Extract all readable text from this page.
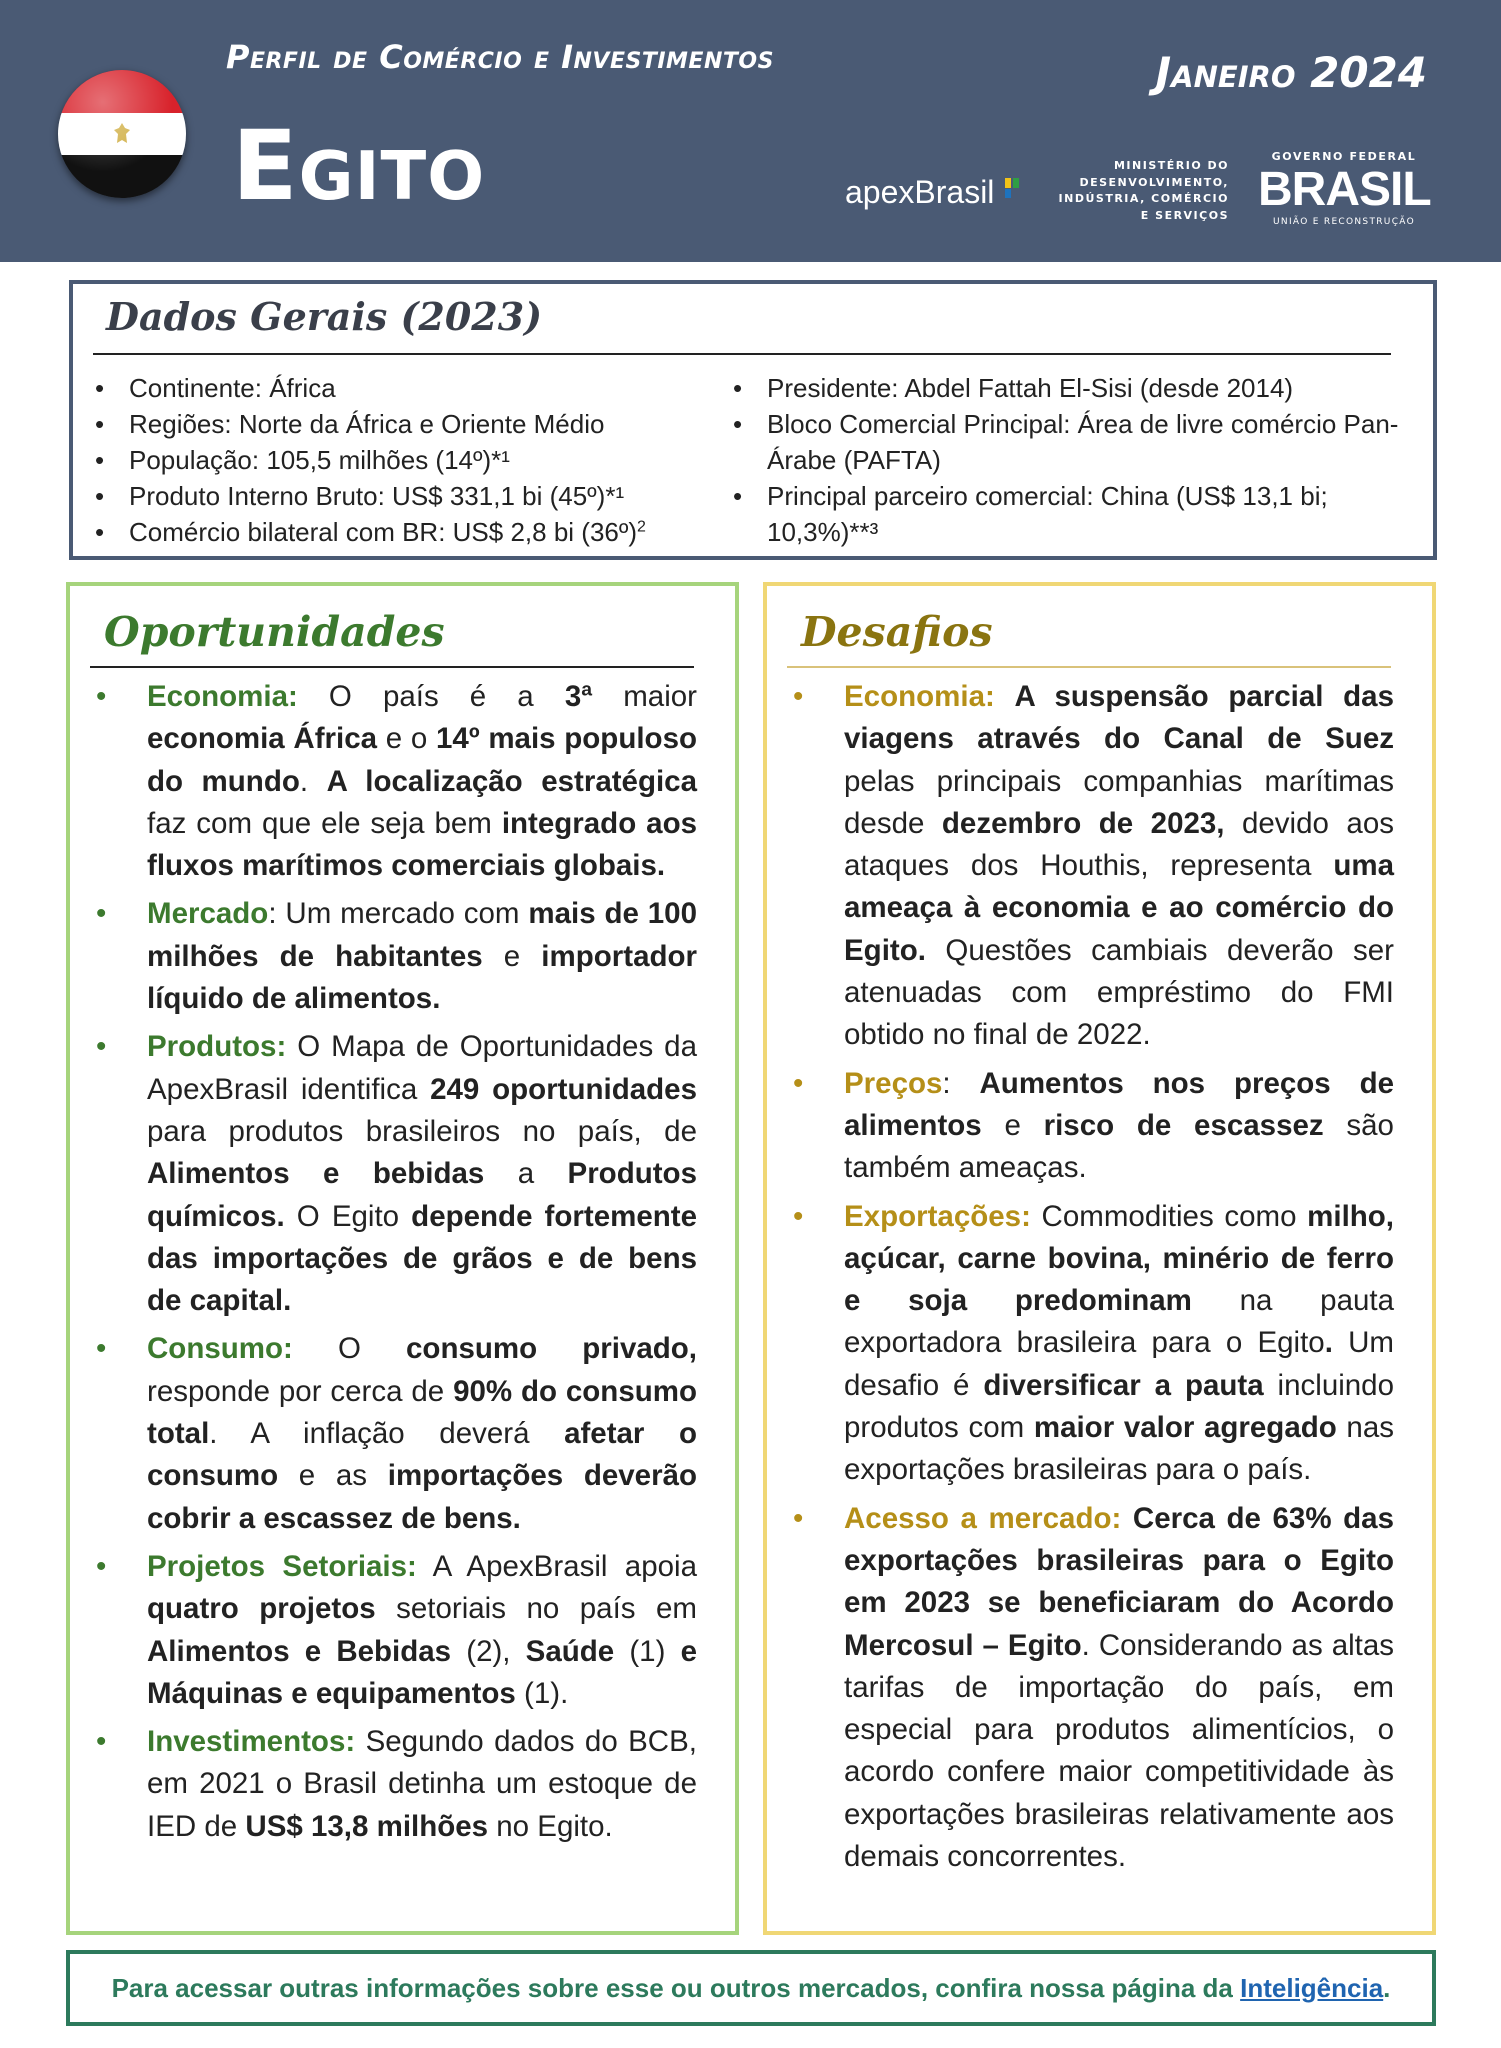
Perfil de Comércio e Investimentos	Janeiro 2024
Egito	apexBrasil
MINISTÉRIO DO
DESENVOLVIMENTO,
INDÚSTRIA, COMÉRCIO
E SERVIÇOS
GOVERNO FEDERAL
BRASIL
UNIÃO E RECONSTRUÇÃO
Dados Gerais (2023)
• Continente: África
• Regiões: Norte da África e Oriente Médio
• População: 105,5 milhões (14º)*¹
• Produto Interno Bruto: US$ 331,1 bi (45º)*¹
• Comércio bilateral com BR: US$ 2,8 bi (36º)$^2$
• Presidente: Abdel Fattah El-Sisi (desde 2014)
• Bloco Comercial Principal: Área de livre comércio Pan-Árabe (PAFTA)
• Principal parceiro comercial: China (US$ 13,1 bi; 10,3%)**³
Oportunidades
• Economia: O país é a 3ª maior economia África e o 14º mais populoso do mundo. A localização estratégica faz com que ele seja bem integrado aos fluxos marítimos comerciais globais.
• Mercado: Um mercado com mais de 100 milhões de habitantes e importador líquido de alimentos.
• Produtos: O Mapa de Oportunidades da ApexBrasil identifica 249 oportunidades para produtos brasileiros no país, de Alimentos e bebidas a Produtos químicos. O Egito depende fortemente das importações de grãos e de bens de capital.
• Consumo: O consumo privado, responde por cerca de 90% do consumo total. A inflação deverá afetar o consumo e as importações deverão cobrir a escassez de bens.
• Projetos Setoriais: A ApexBrasil apoia quatro projetos setoriais no país em Alimentos e Bebidas (2), Saúde (1) e Máquinas e equipamentos (1).
• Investimentos: Segundo dados do BCB, em 2021 o Brasil detinha um estoque de IED de US$ 13,8 milhões no Egito.
Desafios
• Economia: A suspensão parcial das viagens através do Canal de Suez pelas principais companhias marítimas desde dezembro de 2023, devido aos ataques dos Houthis, representa uma ameaça à economia e ao comércio do Egito. Questões cambiais deverão ser atenuadas com empréstimo do FMI obtido no final de 2022.
• Preços: Aumentos nos preços de alimentos e risco de escassez são também ameaças.
• Exportações: Commodities como milho, açúcar, carne bovina, minério de ferro e soja predominam na pauta exportadora brasileira para o Egito. Um desafio é diversificar a pauta incluindo produtos com maior valor agregado nas exportações brasileiras para o país.
• Acesso a mercado: Cerca de 63% das exportações brasileiras para o Egito em 2023 se beneficiaram do Acordo Mercosul – Egito. Considerando as altas tarifas de importação do país, em especial para produtos alimentícios, o acordo confere maior competitividade às exportações brasileiras relativamente aos demais concorrentes.
Para acessar outras informações sobre esse ou outros mercados, confira nossa página da Inteligência.
